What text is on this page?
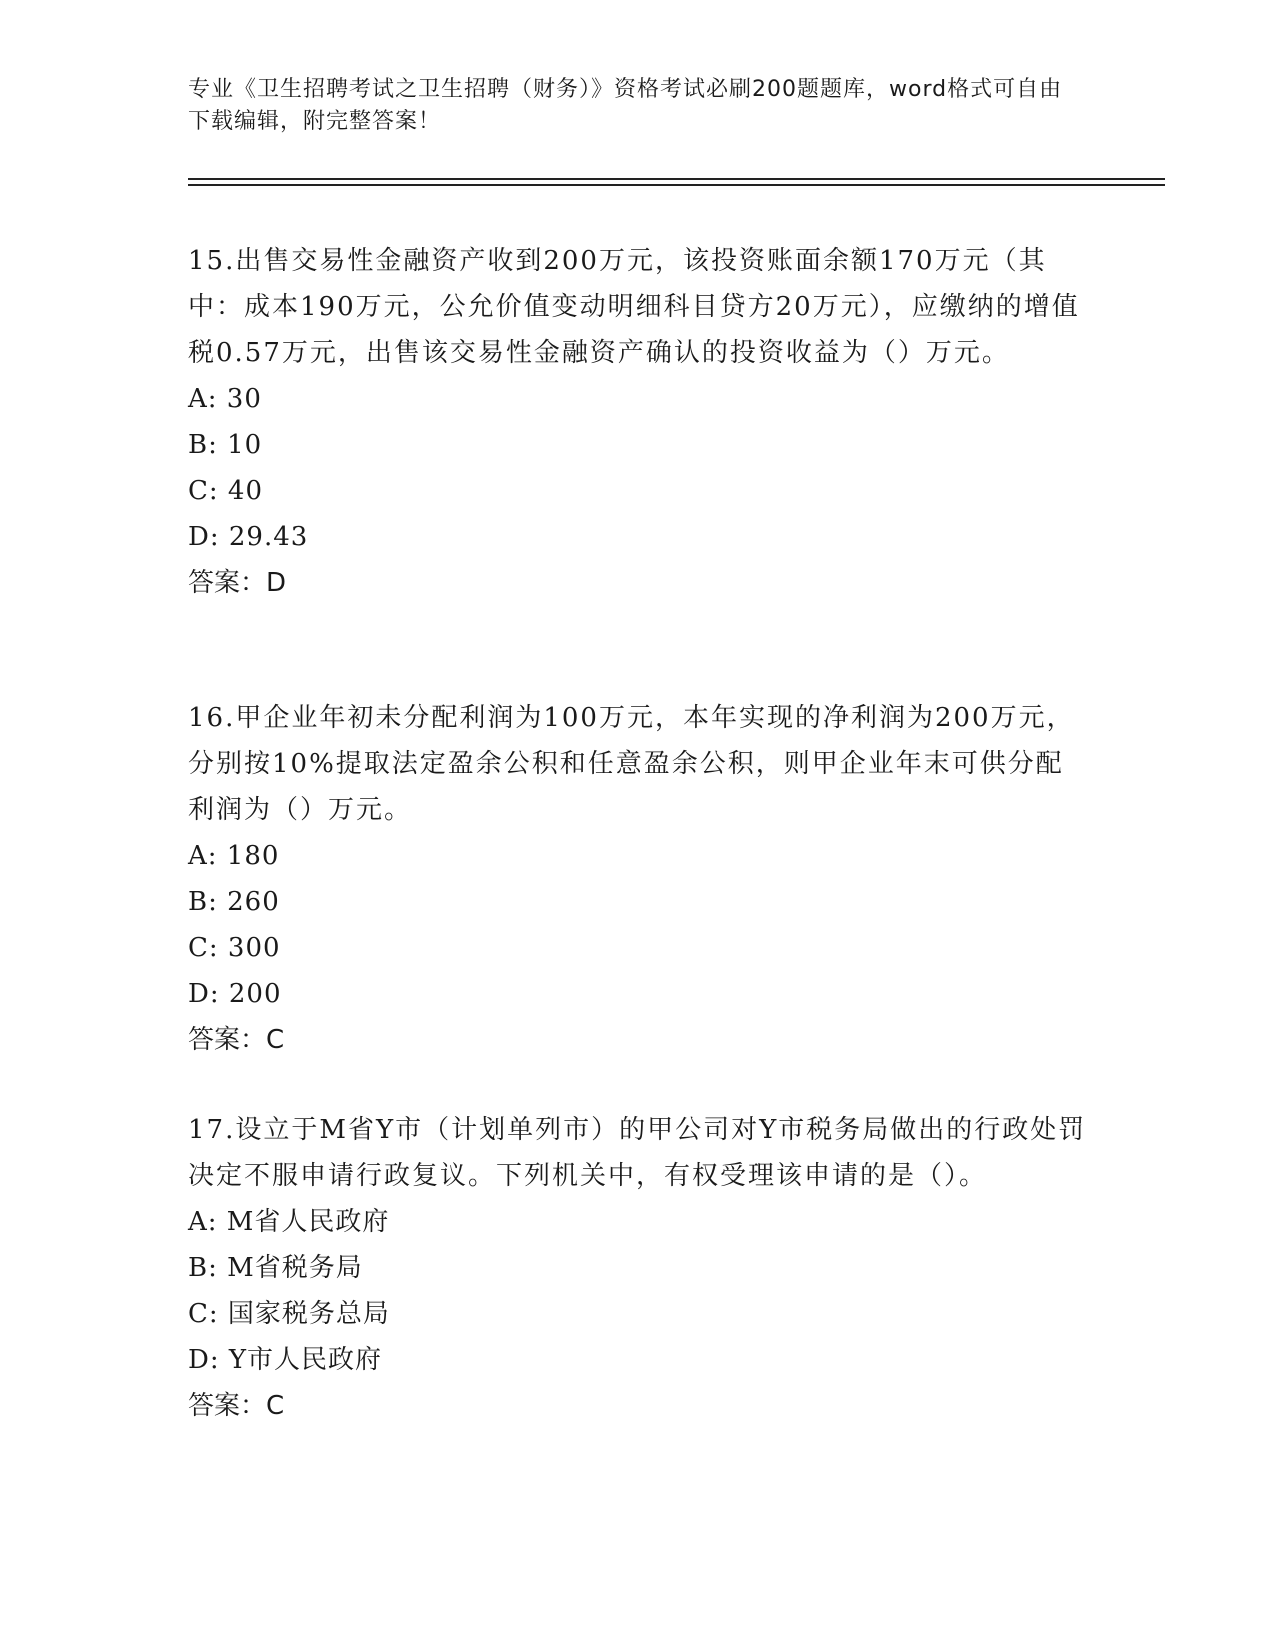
专业《卫生招聘考试之卫生招聘（财务）》资格考试必刷200题题库，word格式可自由下载编辑，附完整答案！

15.出售交易性金融资产收到200万元，该投资账面余额170万元（其中：成本190万元，公允价值变动明细科目贷方20万元），应缴纳的增值税0.57万元，出售该交易性金融资产确认的投资收益为（）万元。

A: 30

B: 10

C: 40

D: 29.43

答案：D

16.甲企业年初未分配利润为100万元，本年实现的净利润为200万元，分别按10%提取法定盈余公积和任意盈余公积，则甲企业年末可供分配利润为（）万元。

A: 180

B: 260

C: 300

D: 200

答案：C

17.设立于M省Y市（计划单列市）的甲公司对Y市税务局做出的行政处罚决定不服申请行政复议。下列机关中，有权受理该申请的是（）。

A: M省人民政府

B: M省税务局

C: 国家税务总局

D: Y市人民政府

答案：C
